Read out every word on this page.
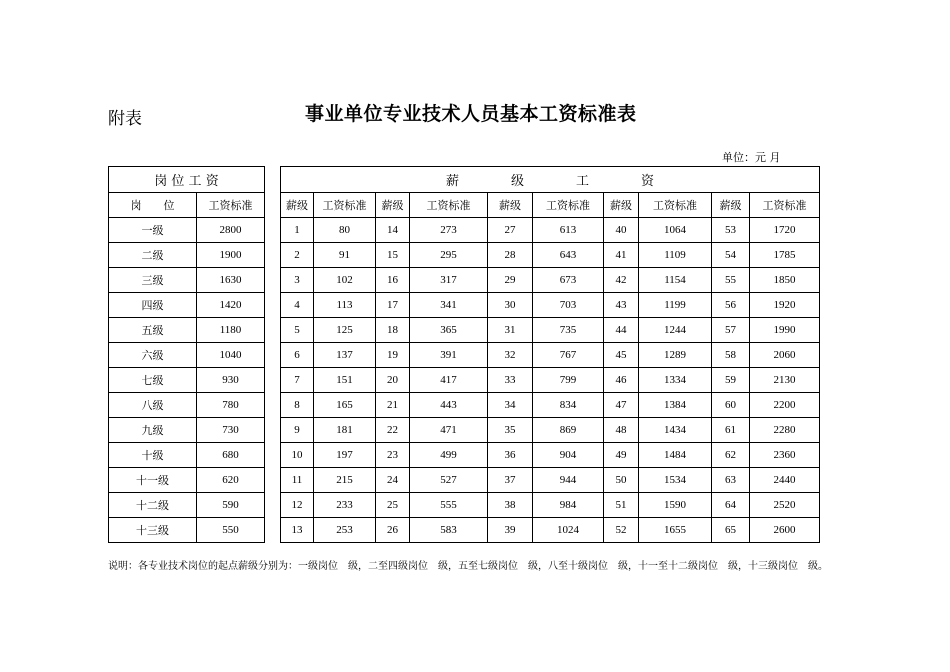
附表	事业单位专业技术人员基本工资标准表
单位：元 月
岗 位 工 资	
岗　　位	工资标准
一级	2800
二级	1900
三级	1630
四级	1420
五级	1180
六级	1040
七级	930
八级	780
九级	730
十级	680
十一级	620
十二级	590
十三级	550
薪　　　　级　　　　工　　　　资									
薪级	工资标准	薪级	工资标准	薪级	工资标准	薪级	工资标准	薪级	工资标准
1	80	14	273	27	613	40	1064	53	1720
2	91	15	295	28	643	41	1109	54	1785
3	102	16	317	29	673	42	1154	55	1850
4	113	17	341	30	703	43	1199	56	1920
5	125	18	365	31	735	44	1244	57	1990
6	137	19	391	32	767	45	1289	58	2060
7	151	20	417	33	799	46	1334	59	2130
8	165	21	443	34	834	47	1384	60	2200
9	181	22	471	35	869	48	1434	61	2280
10	197	23	499	36	904	49	1484	62	2360
11	215	24	527	37	944	50	1534	63	2440
12	233	25	555	38	984	51	1590	64	2520
13	253	26	583	39	1024	52	1655	65	2600
说明：各专业技术岗位的起点薪级分别为：一级岗位　级，二至四级岗位　级，五至七级岗位　级，八至十级岗位　级，十一至十二级岗位　级，十三级岗位　级。
